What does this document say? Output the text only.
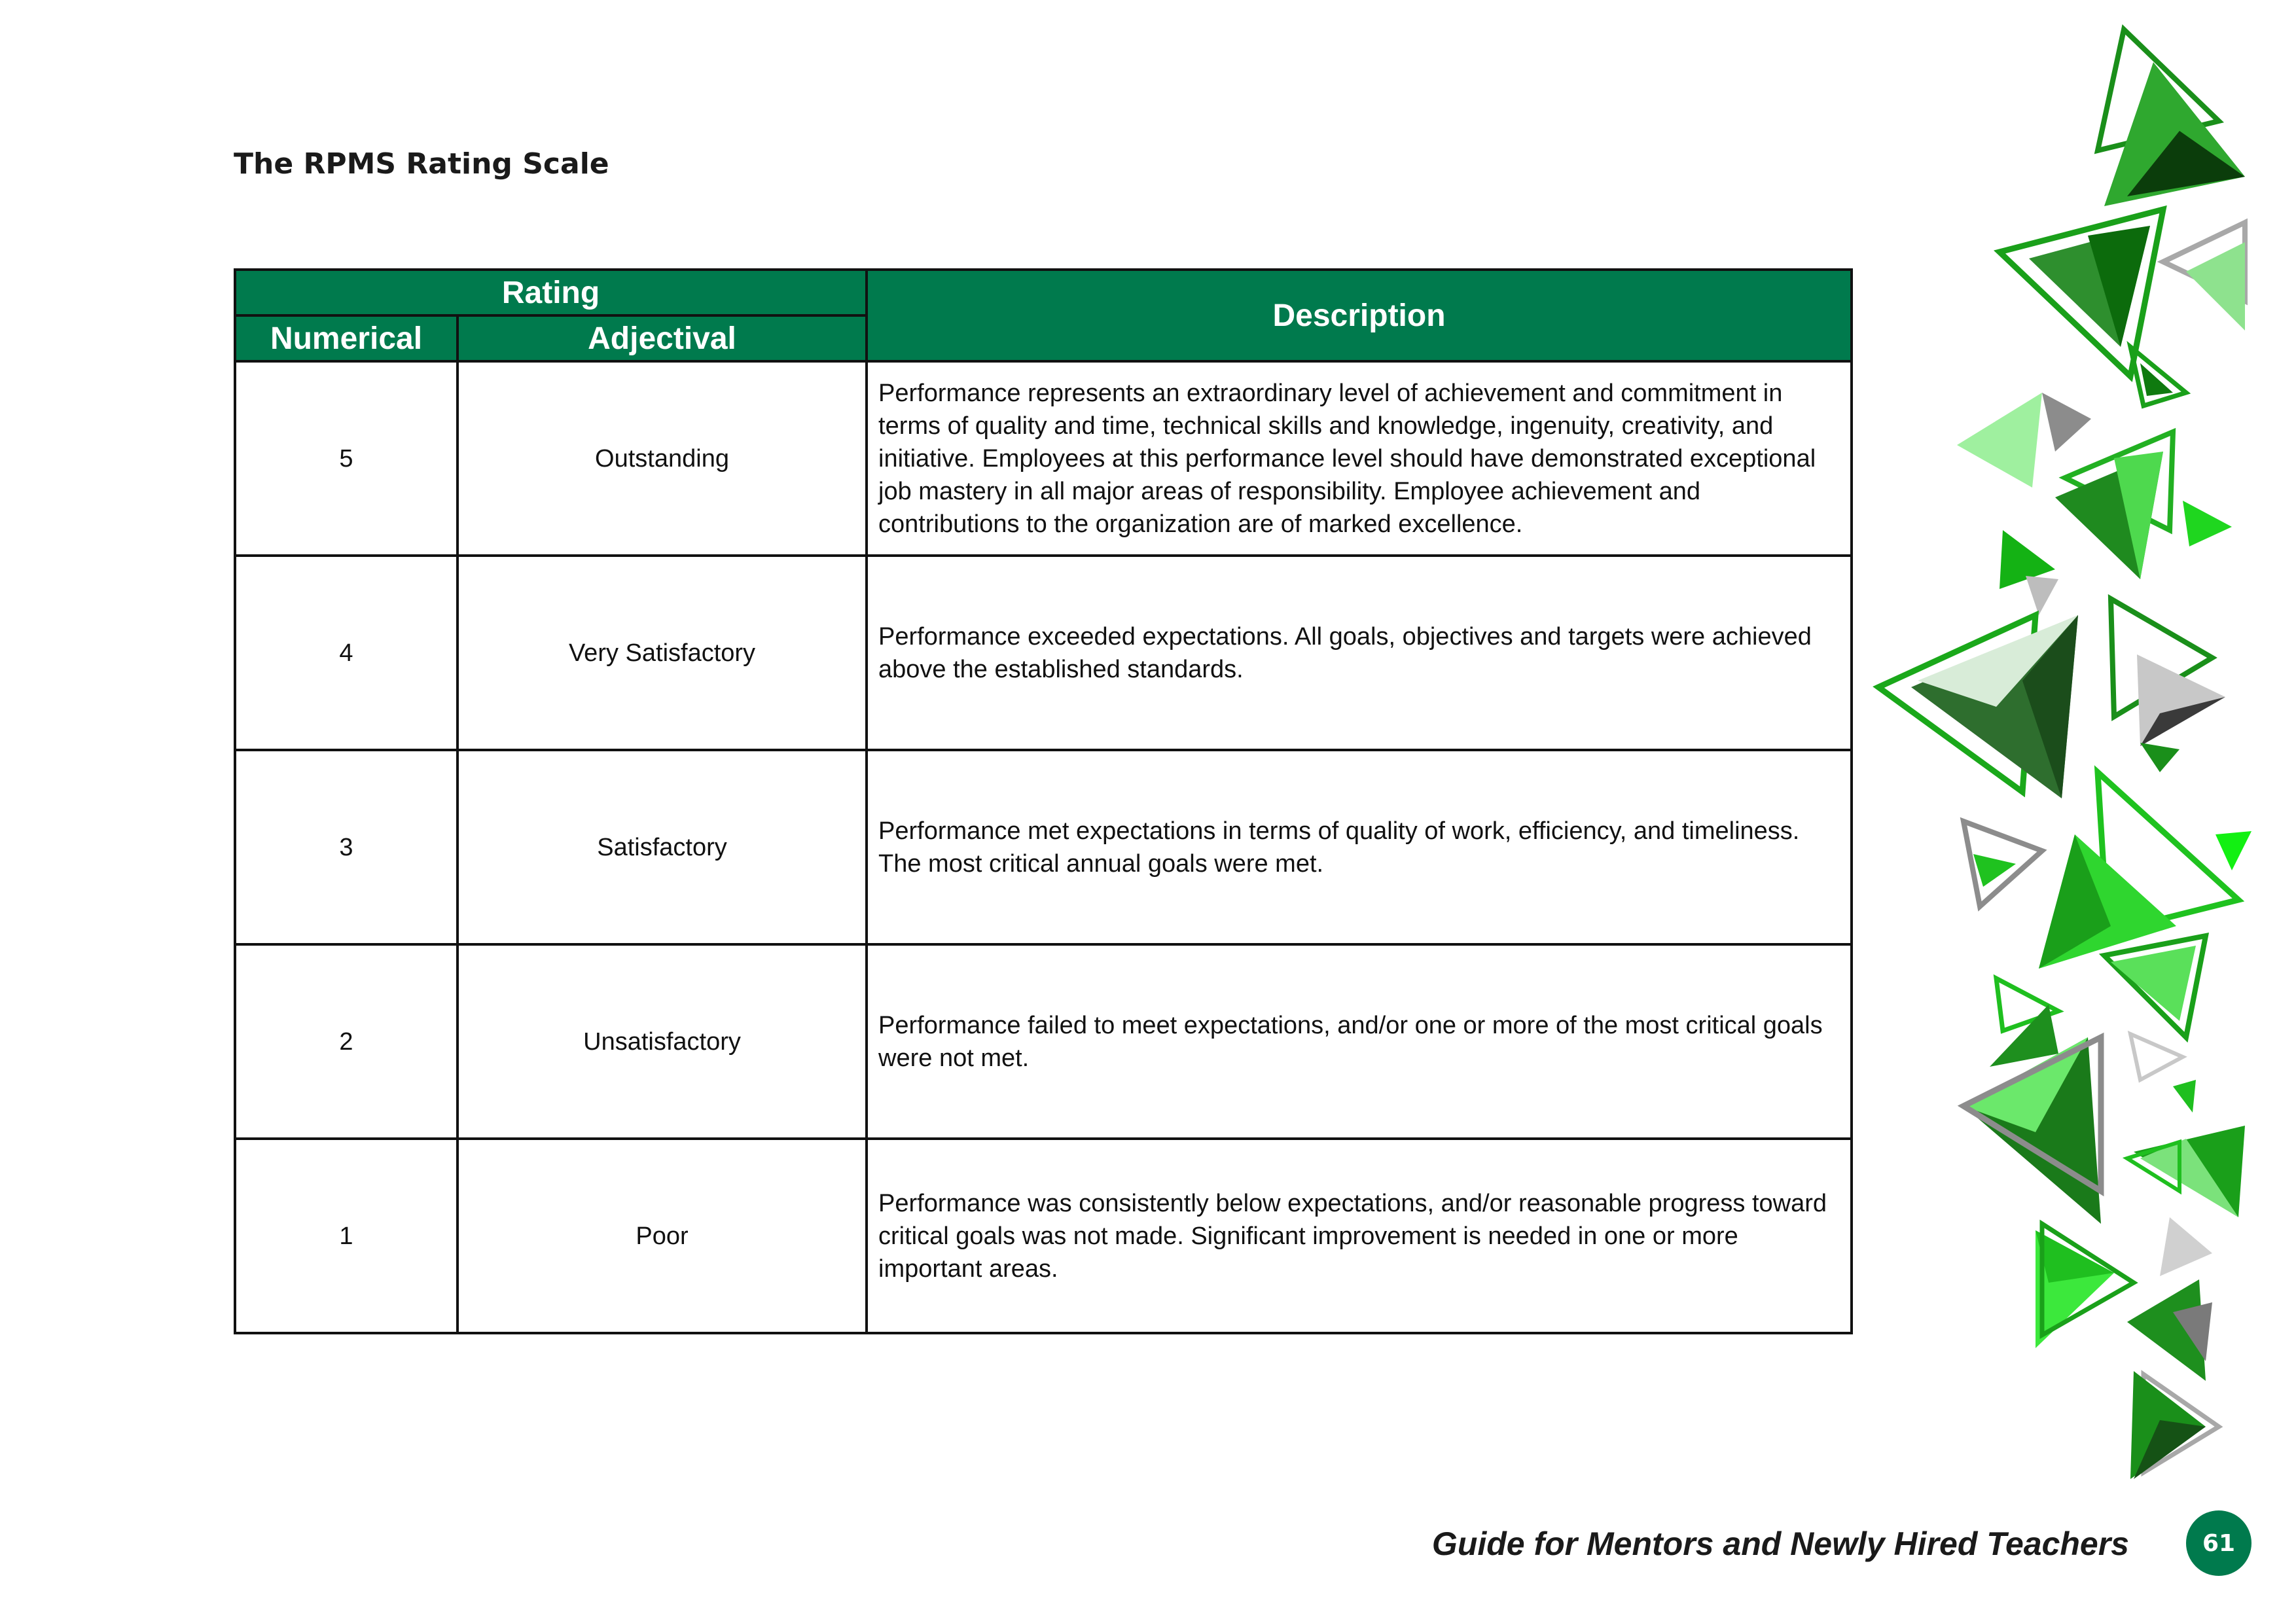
The RPMS Rating Scale
Rating		Description
Numerical	Adjectival	
5	Outstanding	Performance represents an extraordinary level of achievement and commitment in terms of quality and time, technical skills and knowledge, ingenuity, creativity, and initiative. Employees at this performance level should have demonstrated exceptional job mastery in all major areas of responsibility. Employee achievement and contributions to the organization are of marked excellence.
4	Very Satisfactory	Performance exceeded expectations. All goals, objectives and targets were achieved above the established standards.
3	Satisfactory	Performance met expectations in terms of quality of work, efficiency, and timeliness. The most critical annual goals were met.
2	Unsatisfactory	Performance failed to meet expectations, and/or one or more of the most critical goals were not met.
1	Poor	Performance was consistently below expectations, and/or reasonable progress toward critical goals was not made. Significant improvement is needed in one or more important areas.
Guide for Mentors and Newly Hired Teachers	61
